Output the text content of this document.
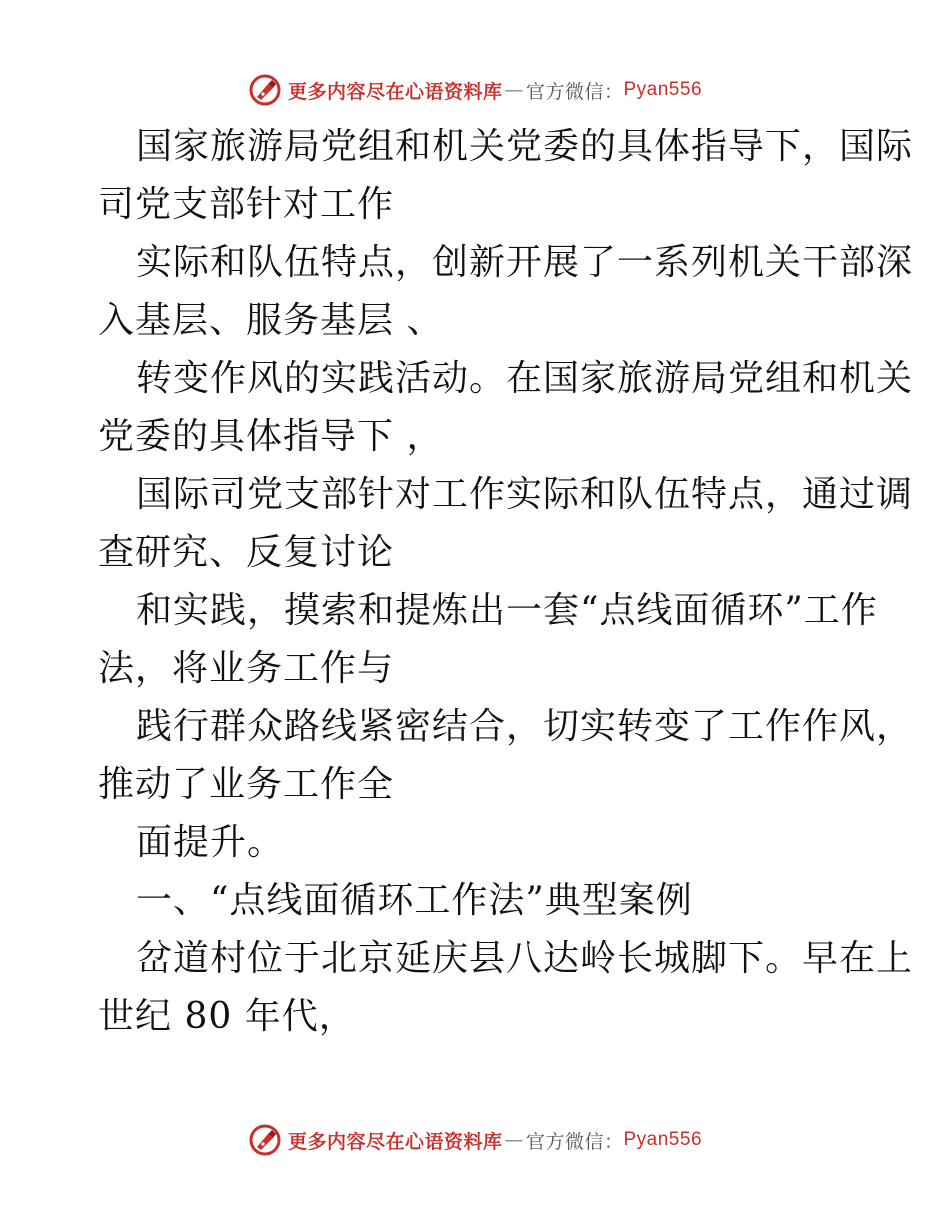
更多内容尽在心语资料库 — 官方微信： Pyan556

国家旅游局党组和机关党委的具体指导下，国际

司党支部针对工作

实际和队伍特点，创新开展了一系列机关干部深

入基层、服务基层 、

转变作风的实践活动。在国家旅游局党组和机关

党委的具体指导下 ，

国际司党支部针对工作实际和队伍特点，通过调

查研究、反复讨论

和实践，摸索和提炼出一套“点线面循环”工作

法，将业务工作与

践行群众路线紧密结合，切实转变了工作作风，

推动了业务工作全

面提升。

一、“点线面循环工作法”典型案例

岔道村位于北京延庆县八达岭长城脚下。早在上

世纪 80 年代，

更多内容尽在心语资料库 — 官方微信： Pyan556
